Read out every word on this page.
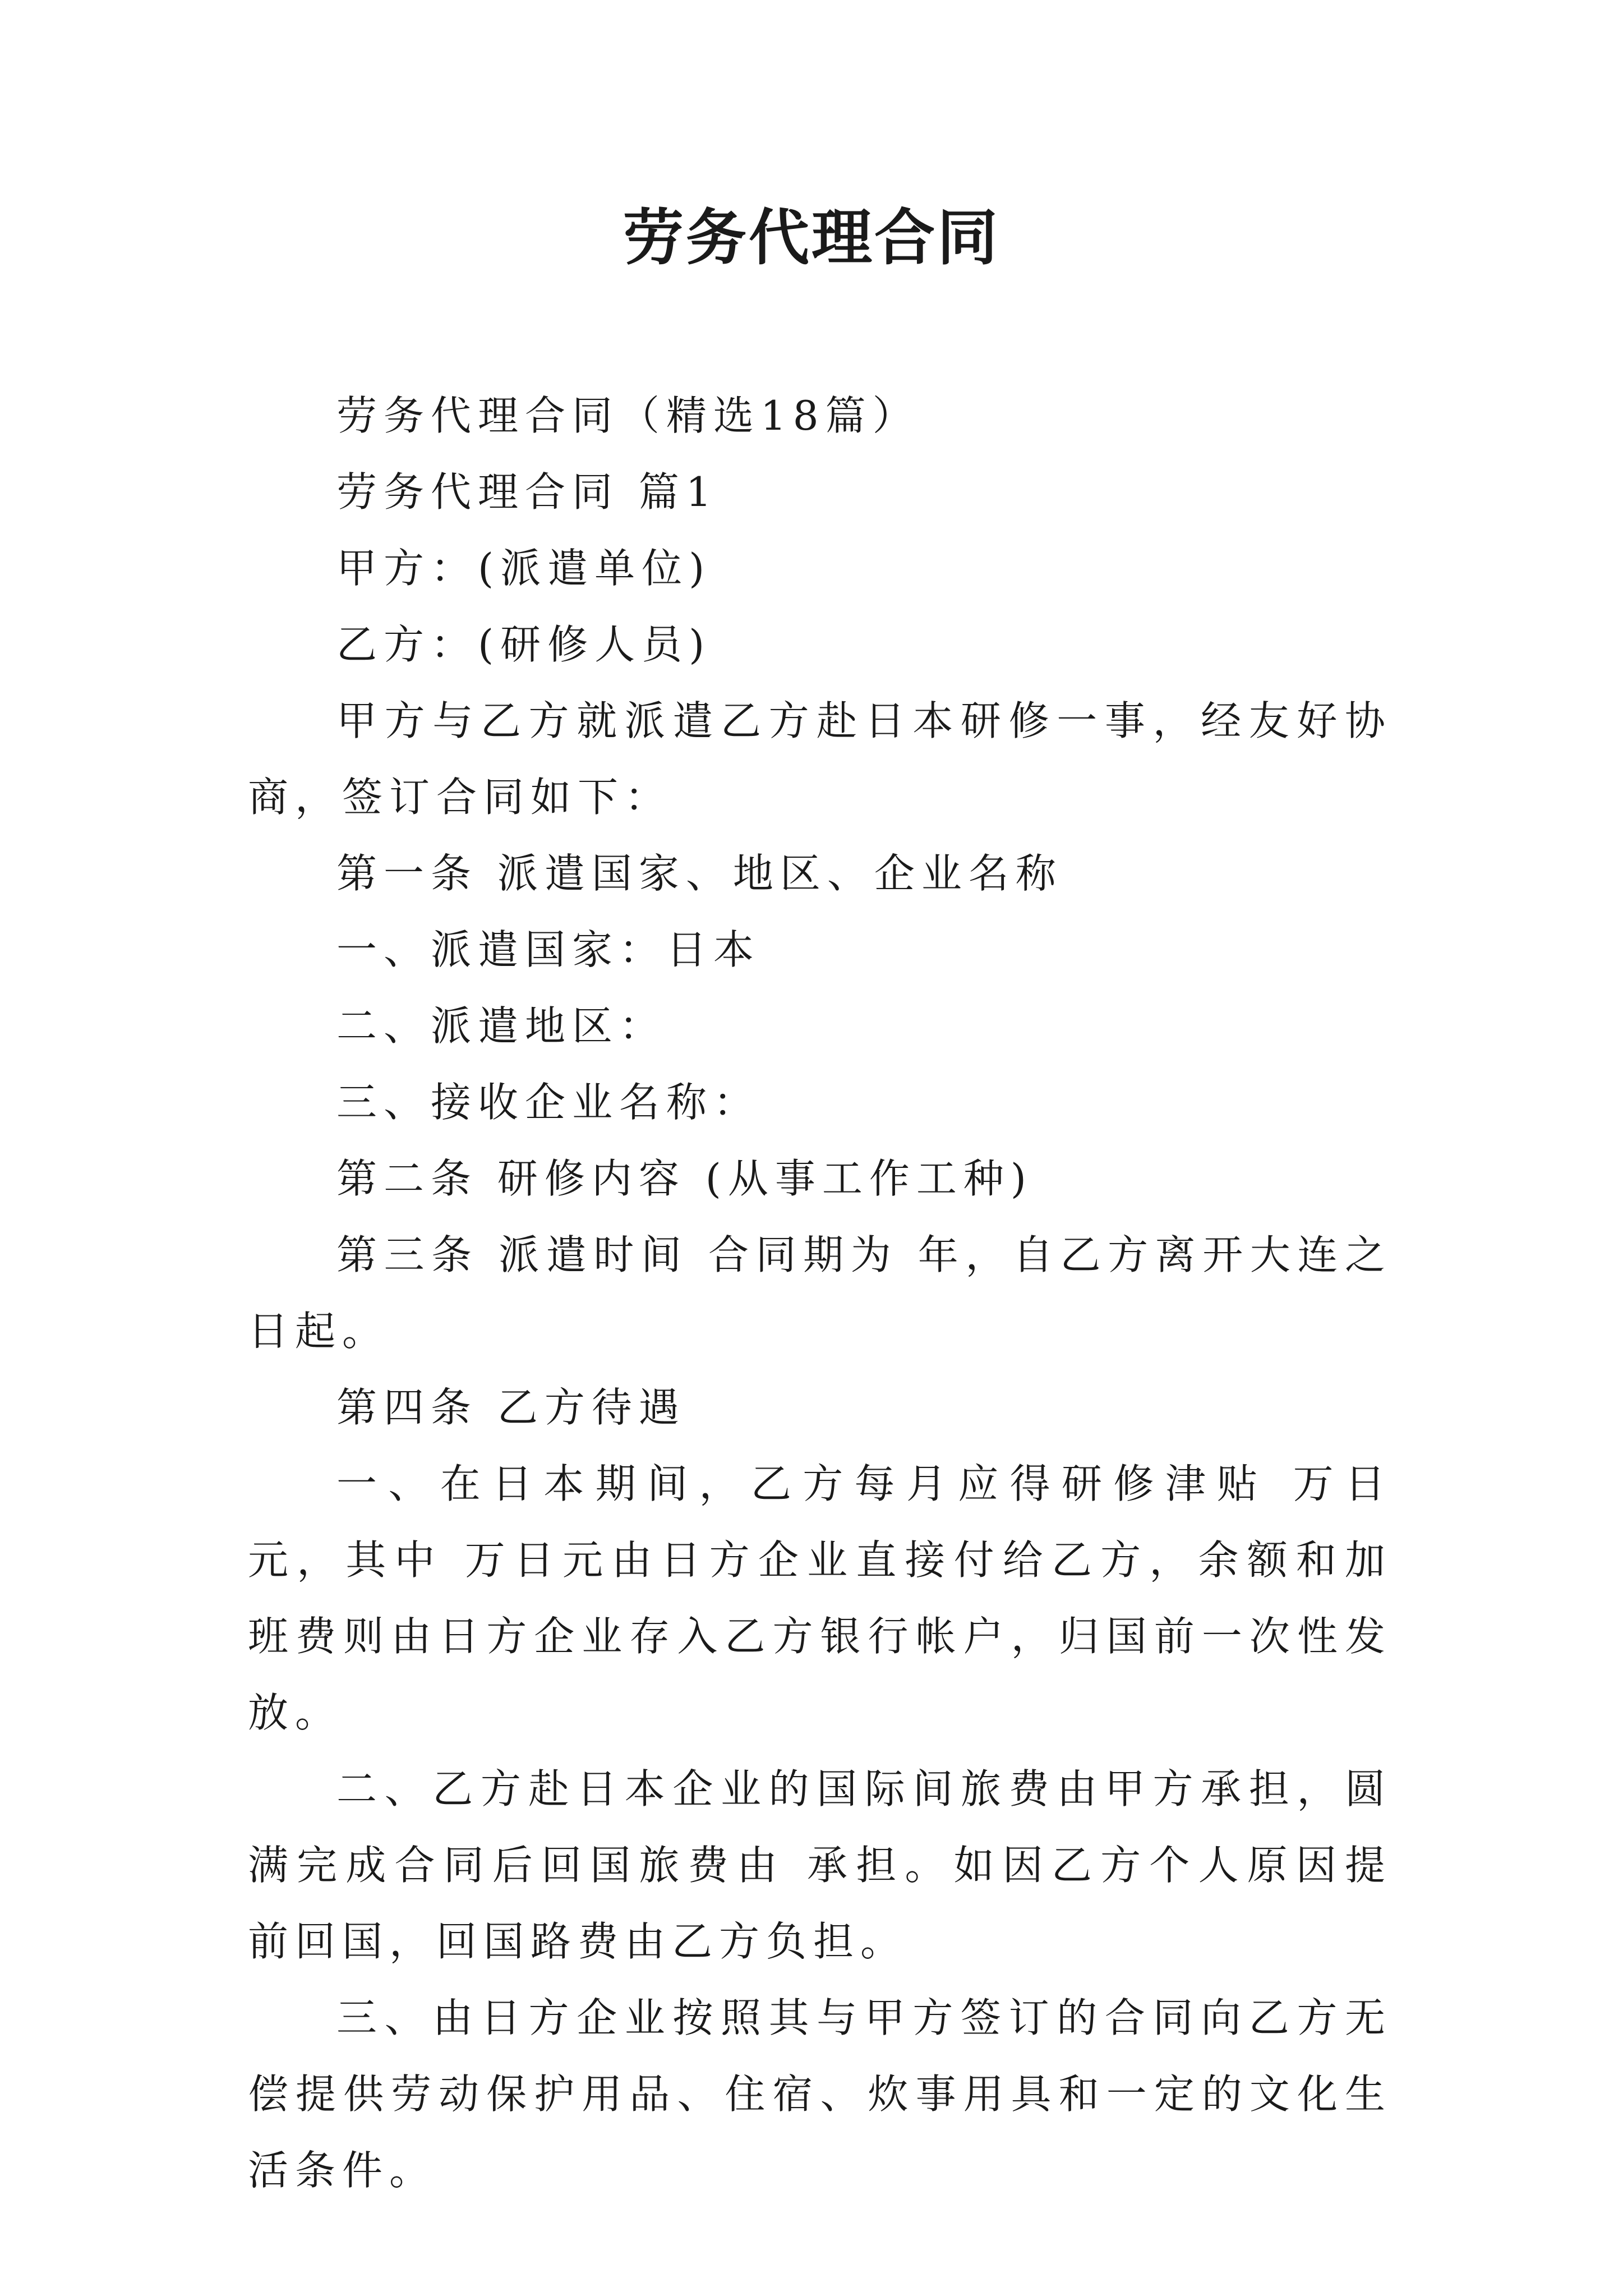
劳务代理合同

劳务代理合同（精选18篇）

劳务代理合同 篇1

甲方：(派遣单位)

乙方：(研修人员)

甲方与乙方就派遣乙方赴日本研修一事，经友好协商，签订合同如下：

第一条 派遣国家、地区、企业名称

一、派遣国家：日本

二、派遣地区：

三、接收企业名称：

第二条 研修内容 (从事工作工种)

第三条 派遣时间 合同期为 年，自乙方离开大连之日起。

第四条 乙方待遇

一、在日本期间，乙方每月应得研修津贴 万日元，其中 万日元由日方企业直接付给乙方，余额和加班费则由日方企业存入乙方银行帐户，归国前一次性发放。

二、乙方赴日本企业的国际间旅费由甲方承担，圆满完成合同后回国旅费由 承担。如因乙方个人原因提前回国，回国路费由乙方负担。

三、由日方企业按照其与甲方签订的合同向乙方无偿提供劳动保护用品、住宿、炊事用具和一定的文化生活条件。
